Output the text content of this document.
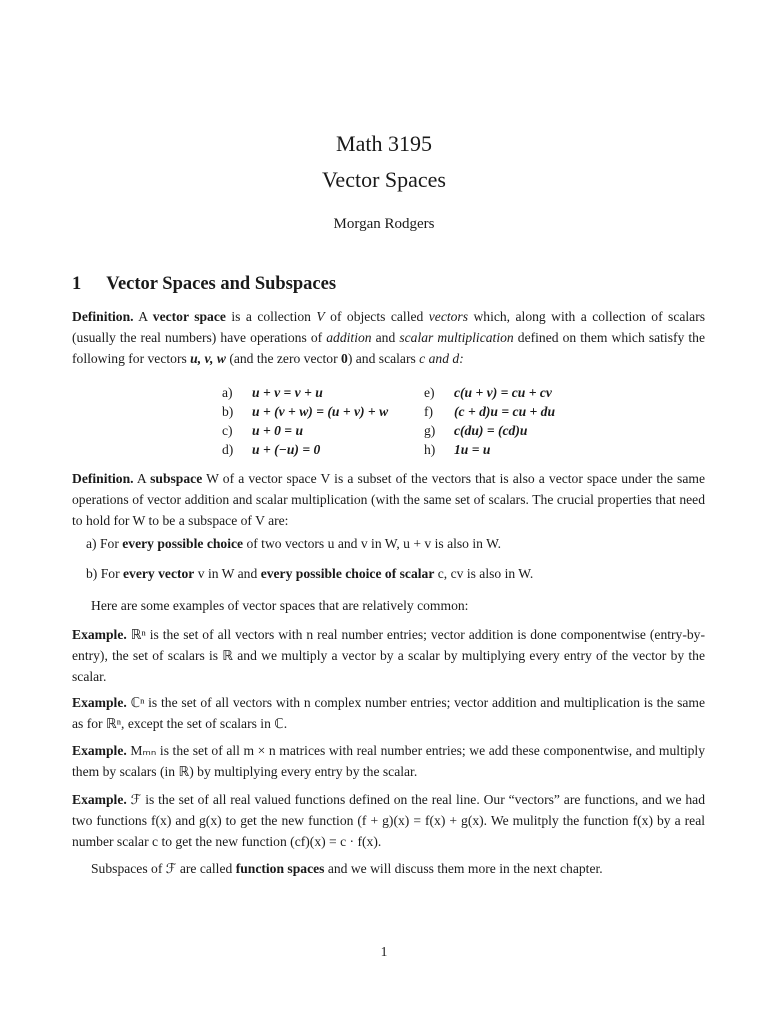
Math 3195
Vector Spaces
Morgan Rodgers
1 Vector Spaces and Subspaces
Definition. A vector space is a collection V of objects called vectors which, along with a collection of scalars (usually the real numbers) have operations of addition and scalar multiplication defined on them which satisfy the following for vectors u, v, w (and the zero vector 0) and scalars c and d:
a)	u + v = v + u	e)	c(u + v) = cu + cv
b)	u + (v + w) = (u + v) + w	f)	(c + d)u = cu + du
c)	u + 0 = u	g)	c(du) = (cd)u
d)	u + (−u) = 0	h)	1u = u
Definition. A subspace W of a vector space V is a subset of the vectors that is also a vector space under the same operations of vector addition and scalar multiplication (with the same set of scalars. The crucial properties that need to hold for W to be a subspace of V are:
a) For every possible choice of two vectors u and v in W, u + v is also in W.
b) For every vector v in W and every possible choice of scalar c, cv is also in W.
Here are some examples of vector spaces that are relatively common:
Example. ℝⁿ is the set of all vectors with n real number entries; vector addition is done componentwise (entry-by-entry), the set of scalars is ℝ and we multiply a vector by a scalar by multiplying every entry of the vector by the scalar.
Example. ℂⁿ is the set of all vectors with n complex number entries; vector addition and multiplication is the same as for ℝⁿ, except the set of scalars in ℂ.
Example. Mₘₙ is the set of all m × n matrices with real number entries; we add these componentwise, and multiply them by scalars (in ℝ) by multiplying every entry by the scalar.
Example. ℱ is the set of all real valued functions defined on the real line. Our “vectors” are functions, and we had two functions f(x) and g(x) to get the new function (f + g)(x) = f(x) + g(x). We mulitply the function f(x) by a real number scalar c to get the new function (cf)(x) = c · f(x).
Subspaces of ℱ are called function spaces and we will discuss them more in the next chapter.
1
